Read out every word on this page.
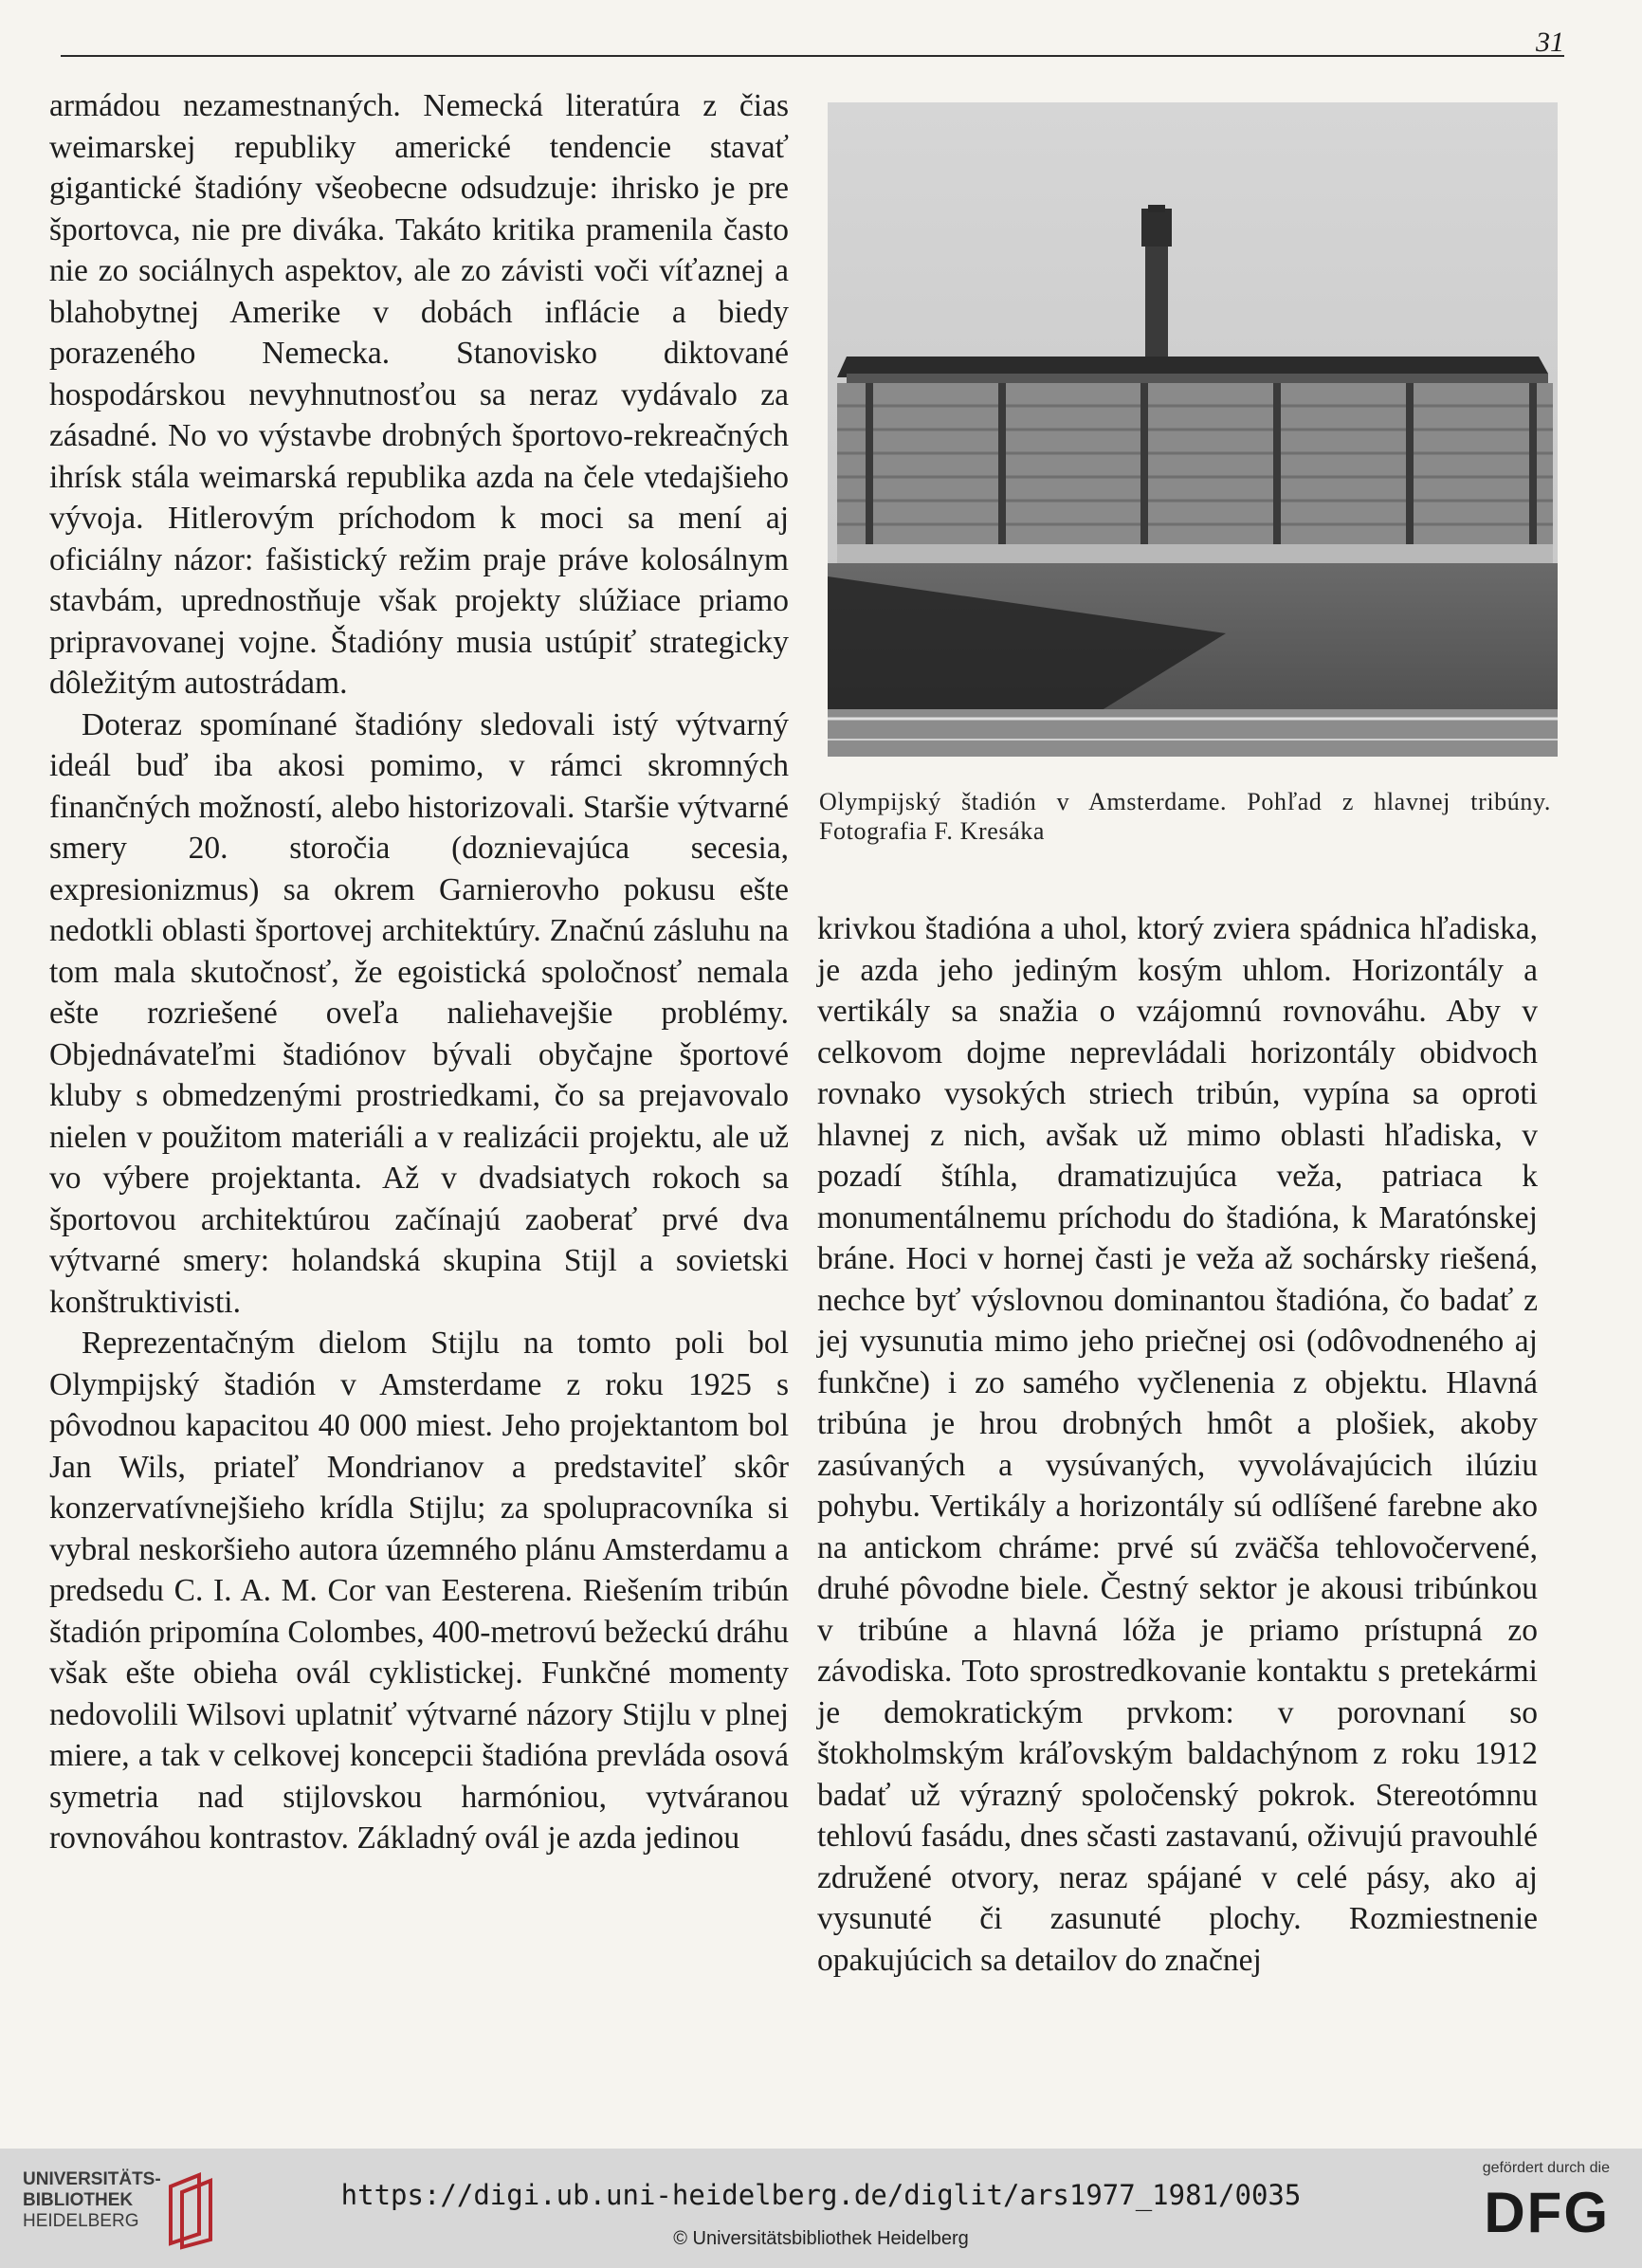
31

armádou nezamestnaných. Nemecká literatúra z čias weimarskej republiky americké tendencie stavať gigantické štadióny všeobecne odsudzuje: ihrisko je pre športovca, nie pre diváka. Takáto kritika pramenila často nie zo sociálnych aspektov, ale zo závisti voči víťaznej a blahobytnej Amerike v dobách inflácie a biedy porazeného Nemecka. Stanovisko diktované hospodárskou nevyhnutnosťou sa neraz vydávalo za zásadné. No vo výstavbe drobných športovo-rekreačných ihrísk stála weimarská republika azda na čele vtedajšieho vývoja. Hitlerovým príchodom k moci sa mení aj oficiálny názor: fašistický režim praje práve kolosálnym stavbám, uprednostňuje však projekty slúžiace priamo pripravovanej vojne. Štadióny musia ustúpiť strategicky dôležitým autostrádam.

Doteraz spomínané štadióny sledovali istý výtvarný ideál buď iba akosi pomimo, v rámci skromných finančných možností, alebo historizovali. Staršie výtvarné smery 20. storočia (dozniev​ajúca secesia, expresionizmus) sa okrem Garnierovho pokusu ešte nedotkli oblasti športovej architektúry. Značnú zásluhu na tom mala skutočnosť, že egoistická spoločnosť nemala ešte rozriešené oveľa naliehavejšie problémy. Objednávateľmi štadiónov bývali obyčajne športové kluby s obmedzenými prostriedkami, čo sa prejavovalo nielen v použitom materiáli a v realizácii projektu, ale už vo výbere projektanta. Až v dvadsiatych rokoch sa športovou architektúrou začínajú zaoberať prvé dva výtvarné smery: holandská skupina Stijl a sovietski konštruktivisti.

Reprezentačným dielom Stijlu na tomto poli bol Olympijský štadión v Amsterdame z roku 1925 s pôvodnou kapacitou 40 000 miest. Jeho projektantom bol Jan Wils, priateľ Mondrianov a predstaviteľ skôr konzervatívnejšieho krídla Stijlu; za spolupracovníka si vybral neskoršieho autora územného plánu Amsterdamu a predsedu C. I. A. M. Cor van Eesterena. Riešením tribún štadión pripomína Colombes, 400-metrovú bežeckú dráhu však ešte obieha ovál cyklistickej. Funkčné momenty nedovolili Wilsovi uplatniť výtvarné názory Stijlu v plnej miere, a tak v celkovej koncepcii štadióna prevláda osová symetria nad stijlovskou harmóniou, vytváranou rovnováhou kontrastov. Základný ovál je azda jedinou

Olympijský štadión v Amsterdame. Pohľad z hlavnej tribúny. Fotografia F. Kresáka

krivkou štadióna a uhol, ktorý zviera spádnica hľadiska, je azda jeho jediným kosým uhlom. Horizontály a vertikály sa snažia o vzájomnú rovnováhu. Aby v celkovom dojme neprevládali horizontály obidvoch rovnako vysokých striech tribún, vypína sa oproti hlavnej z nich, avšak už mimo oblasti hľadiska, v pozadí štíhla, dramatizujúca veža, patriaca k monumentálnemu príchodu do štadióna, k Maratónskej bráne. Hoci v hornej časti je veža až sochársky riešená, nechce byť výslovnou dominantou štadióna, čo badať z jej vysunutia mimo jeho priečnej osi (odôvodneného aj funkčne) i zo samého vyčlenenia z objektu. Hlavná tribúna je hrou drobných hmôt a plošiek, akoby zasúvaných a vysúvaných, vyvolávajúcich ilúziu pohybu. Vertikály a horizontály sú odlíšené farebne ako na antickom chráme: prvé sú zväčša tehlovočervené, druhé pôvodne biele. Čestný sektor je akousi tribúnkou v tribúne a hlavná lóža je priamo prístupná zo závodiska. Toto sprostredkovanie kontaktu s pretekármi je demokratickým prvkom: v porovnaní so štokholmským kráľovským baldachýnom z roku 1912 badať už výrazný spoločenský pokrok. Stereotómnu tehlovú fasádu, dnes sčasti zastavanú, oživujú pravouhlé združené otvory, neraz spájané v celé pásy, ako aj vysunuté či zasunuté plochy. Rozmiestnenie opakujúcich sa detailov do značnej

UNIVERSITÄTS-
BIBLIOTHEK
HEIDELBERG
https://digi.ub.uni-heidelberg.de/diglit/ars1977_1981/0035
© Universitätsbibliothek Heidelberg
gefördert durch die
DFG
